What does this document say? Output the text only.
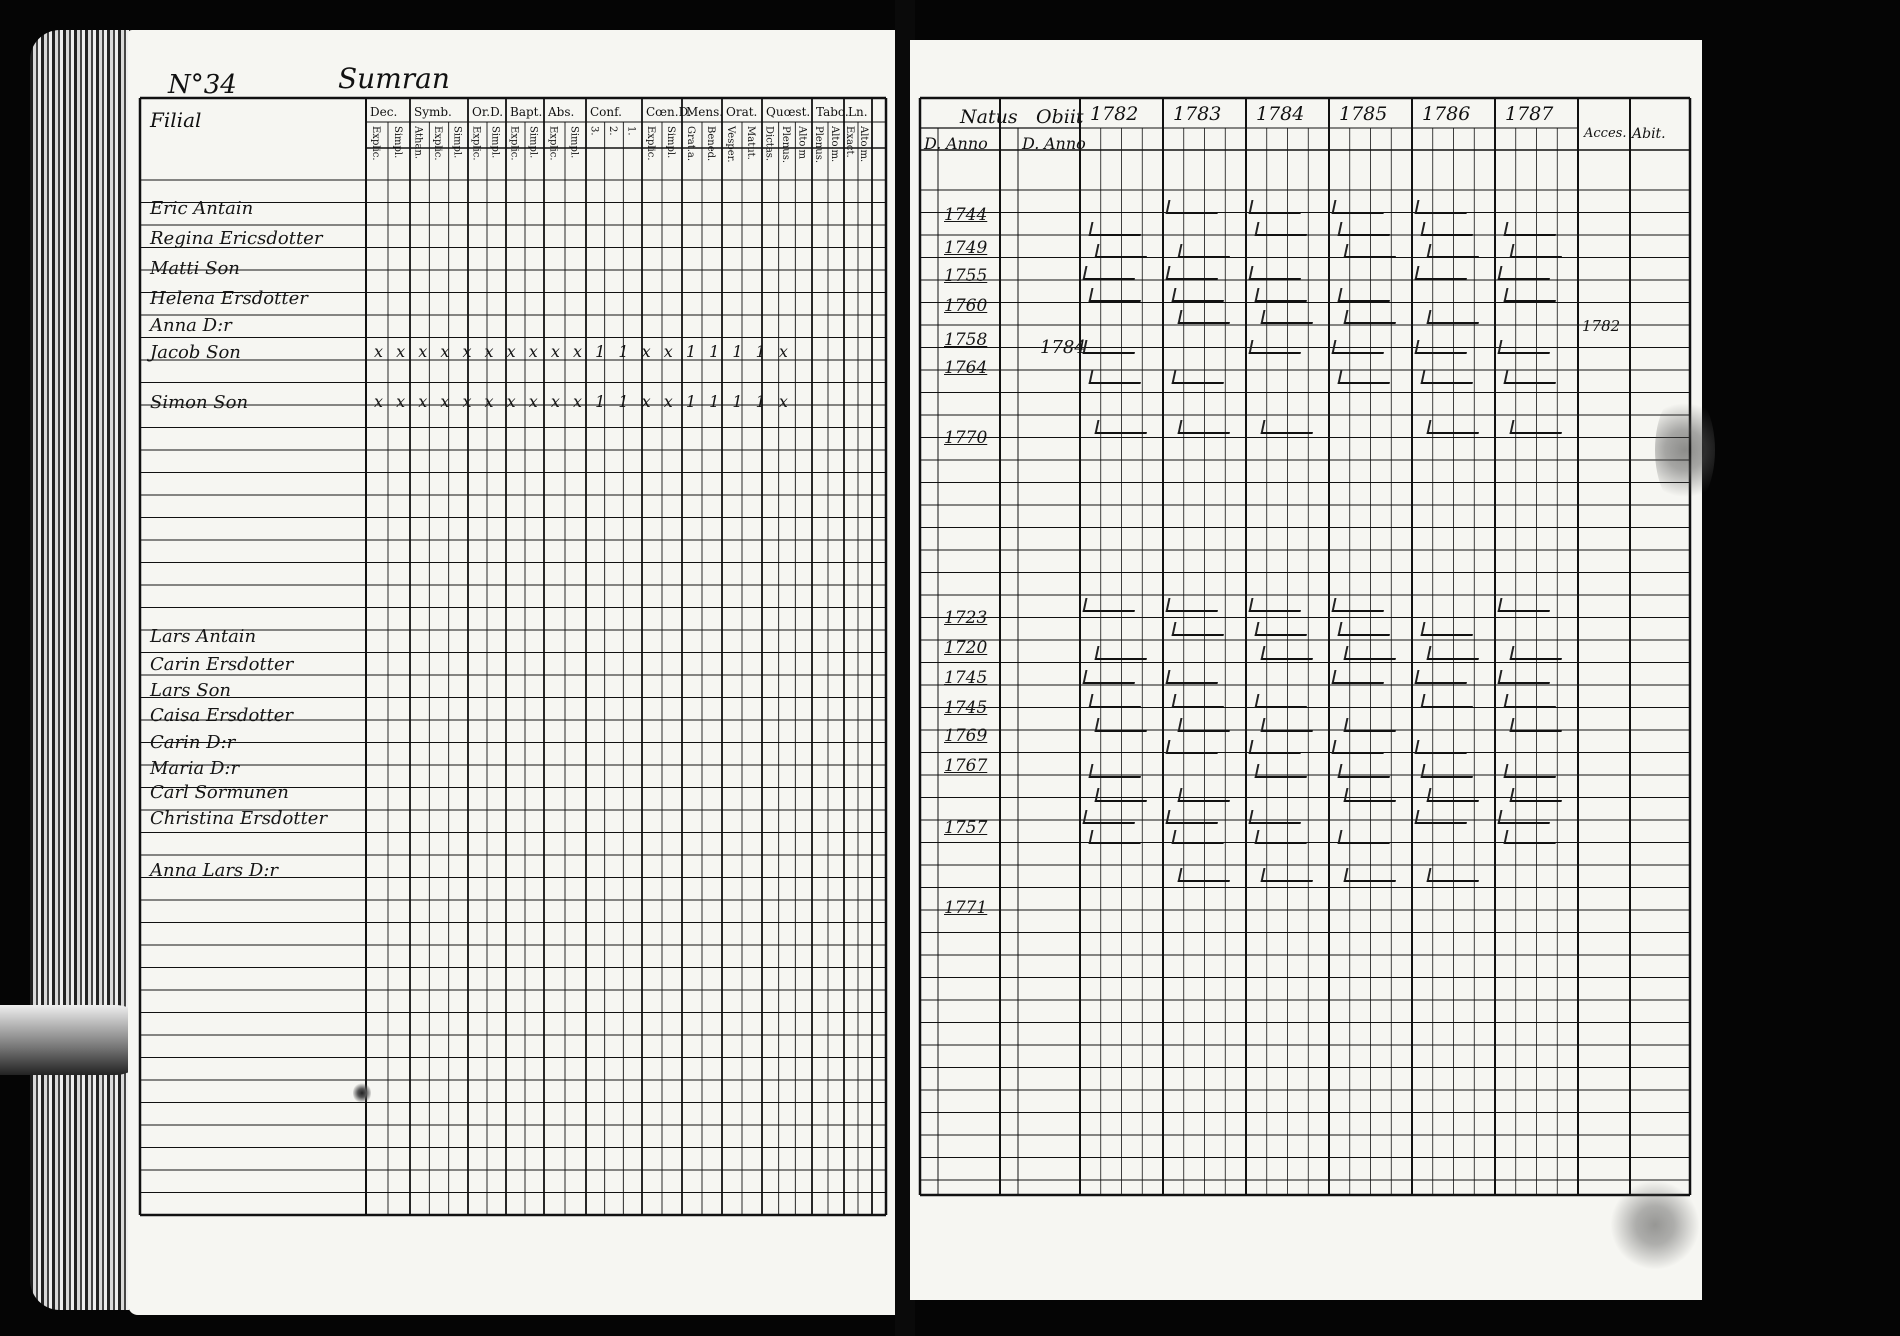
N°34	Sumran
Filial	Dec.
Explic. Simpl.
Symb.
Athan. Explic. Simpl.
Or.D.
Explic. Simpl.
Bapt.
Explic. Simpl.
Abs.
Explic. Simpl.
Conf.
3. 2. 1.
Cœn.D.
Explic. Simpl.
Mens.
Grat.a. Bened.
Orat.
Vesper. Matut.
Quœst.
Dictas. Plenus. Alto.m
Tabo.
Plenus. Alto.m.
Ln.
Exact. Alto.m.
Eric Antain
Regina Ericsdotter
Matti Son
Helena Ersdotter
Anna D:r
Jacob Son
Simon Son
Lars Antain
Carin Ersdotter
Lars Son
Caisa Ersdotter
Carin D:r
Maria D:r
Carl Sormunen
Christina Ersdotter
Anna Lars D:r
x x x x x x x x x x 1 1 x x 1 1 1 1 x
x x x x x x x x x x 1 1 x x 1 1 1 1 x
Natus Obiit
D. Anno D. Anno
Acces. Abit.
1782 1783 1784 1785 1786 1787
1744
1749
1755
1760
1758
1764
1770
1723
1720
1745
1745
1769
1767
1757
1771
1784
1782
